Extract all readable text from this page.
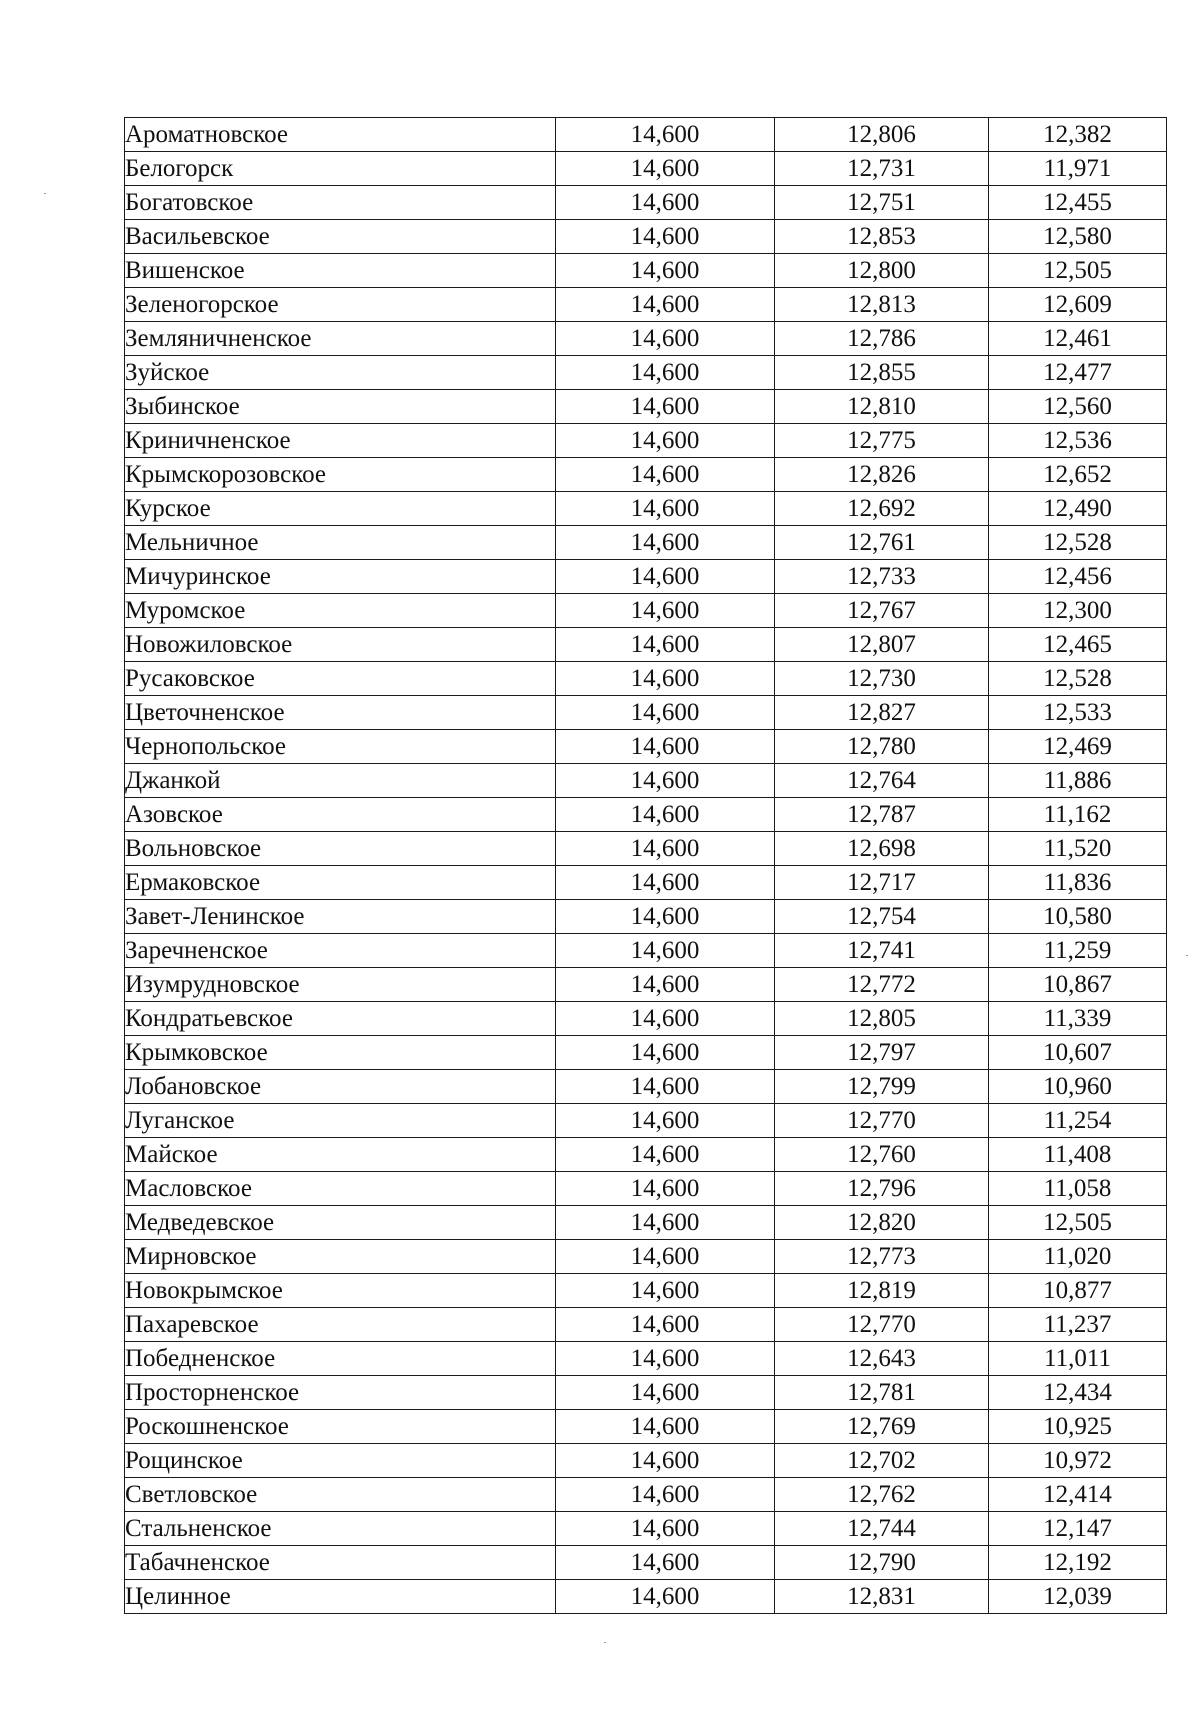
Ароматновское	14,600	12,806	12,382
Белогорск	14,600	12,731	11,971
Богатовское	14,600	12,751	12,455
Васильевское	14,600	12,853	12,580
Вишенское	14,600	12,800	12,505
Зеленогорское	14,600	12,813	12,609
Земляничненское	14,600	12,786	12,461
Зуйское	14,600	12,855	12,477
Зыбинское	14,600	12,810	12,560
Криничненское	14,600	12,775	12,536
Крымскорозовское	14,600	12,826	12,652
Курское	14,600	12,692	12,490
Мельничное	14,600	12,761	12,528
Мичуринское	14,600	12,733	12,456
Муромское	14,600	12,767	12,300
Новожиловское	14,600	12,807	12,465
Русаковское	14,600	12,730	12,528
Цветочненское	14,600	12,827	12,533
Чернопольское	14,600	12,780	12,469
Джанкой	14,600	12,764	11,886
Азовское	14,600	12,787	11,162
Вольновское	14,600	12,698	11,520
Ермаковское	14,600	12,717	11,836
Завет-Ленинское	14,600	12,754	10,580
Заречненское	14,600	12,741	11,259
Изумрудновское	14,600	12,772	10,867
Кондратьевское	14,600	12,805	11,339
Крымковское	14,600	12,797	10,607
Лобановское	14,600	12,799	10,960
Луганское	14,600	12,770	11,254
Майское	14,600	12,760	11,408
Масловское	14,600	12,796	11,058
Медведевское	14,600	12,820	12,505
Мирновское	14,600	12,773	11,020
Новокрымское	14,600	12,819	10,877
Пахаревское	14,600	12,770	11,237
Победненское	14,600	12,643	11,011
Просторненское	14,600	12,781	12,434
Роскошненское	14,600	12,769	10,925
Рощинское	14,600	12,702	10,972
Светловское	14,600	12,762	12,414
Стальненское	14,600	12,744	12,147
Табачненское	14,600	12,790	12,192
Целинное	14,600	12,831	12,039
